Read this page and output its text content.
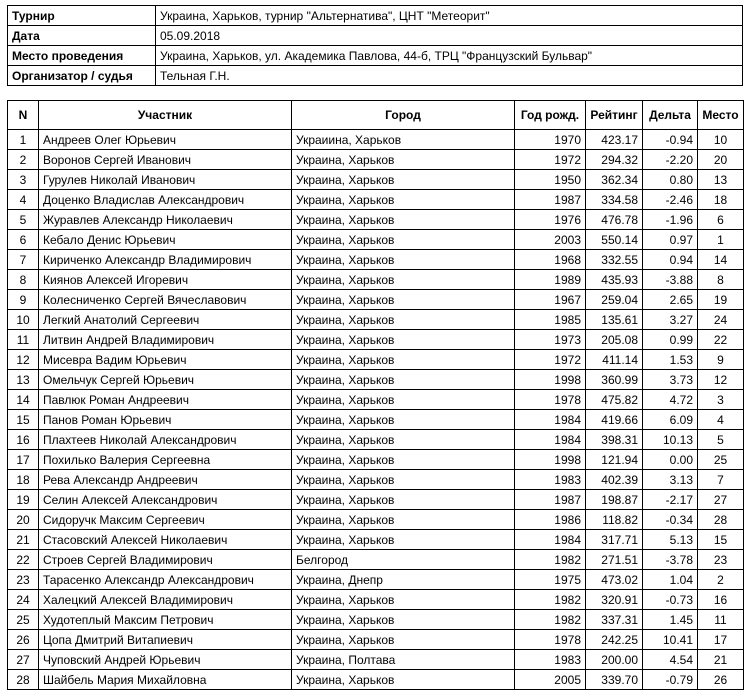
Турнир	Украина, Харьков, турнир "Альтернатива", ЦНТ "Метеорит"
Дата	05.09.2018
Место проведения	Украина, Харьков, ул. Академика Павлова, 44-б, ТРЦ "Французский Бульвар"
Организатор / судья	Тельная Г.Н.
N	Участник	Город	Год рожд.	Рейтинг	Дельта	Место
1	Андреев Олег Юрьевич	Украиина, Харьков	1970	423.17	-0.94	10
2	Воронов Сергей Иванович	Украина, Харьков	1972	294.32	-2.20	20
3	Гурулев Николай Иванович	Украина, Харьков	1950	362.34	0.80	13
4	Доценко Владислав Александрович	Украина, Харьков	1987	334.58	-2.46	18
5	Журавлев Александр Николаевич	Украина, Харьков	1976	476.78	-1.96	6
6	Кебало Денис Юрьевич	Украина, Харьков	2003	550.14	0.97	1
7	Кириченко Александр Владимирович	Украина, Харьков	1968	332.55	0.94	14
8	Киянов Алексей Игоревич	Украина, Харьков	1989	435.93	-3.88	8
9	Колесниченко Сергей Вячеславович	Украина, Харьков	1967	259.04	2.65	19
10	Легкий Анатолий Сергеевич	Украина, Харьков	1985	135.61	3.27	24
11	Литвин Андрей Владимирович	Украина, Харьков	1973	205.08	0.99	22
12	Мисевра Вадим Юрьевич	Украина, Харьков	1972	411.14	1.53	9
13	Омельчук Сергей Юрьевич	Украина, Харьков	1998	360.99	3.73	12
14	Павлюк Роман Андреевич	Украина, Харьков	1978	475.82	4.72	3
15	Панов Роман Юрьевич	Украина, Харьков	1984	419.66	6.09	4
16	Плахтеев Николай Александрович	Украина, Харьков	1984	398.31	10.13	5
17	Похилько Валерия Сергеевна	Украина, Харьков	1998	121.94	0.00	25
18	Рева Александр Андреевич	Украина, Харьков	1983	402.39	3.13	7
19	Селин Алексей Александрович	Украина, Харьков	1987	198.87	-2.17	27
20	Сидоручк Максим Сергеевич	Украина, Харьков	1986	118.82	-0.34	28
21	Стасовский Алексей Николаевич	Украина, Харьков	1984	317.71	5.13	15
22	Строев Сергей Владимирович	Белгород	1982	271.51	-3.78	23
23	Тарасенко Александр Александрович	Украина, Днепр	1975	473.02	1.04	2
24	Халецкий Алексей Владимирович	Украина, Харьков	1982	320.91	-0.73	16
25	Худотеплый Максим Петрович	Украина, Харьков	1982	337.31	1.45	11
26	Цопа Дмитрий Витапиевич	Украина, Харьков	1978	242.25	10.41	17
27	Чуповский Андрей Юрьевич	Украина, Полтава	1983	200.00	4.54	21
28	Шайбель Мария Михайловна	Украина, Харьков	2005	339.70	-0.79	26
